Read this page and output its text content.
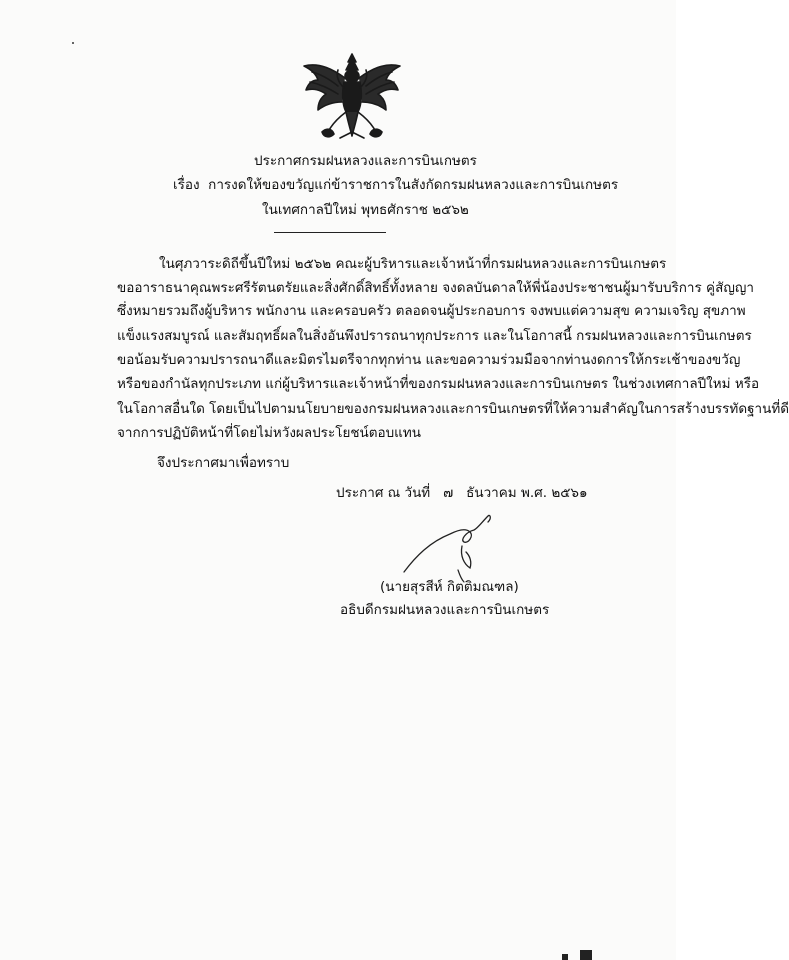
ประกาศกรมฝนหลวงและการบินเกษตร
เรื่อง การงดให้ของขวัญแก่ข้าราชการในสังกัดกรมฝนหลวงและการบินเกษตร
ในเทศกาลปีใหม่ พุทธศักราช ๒๕๖๒
ในศุภวาระดิถีขึ้นปีใหม่ ๒๕๖๒ คณะผู้บริหารและเจ้าหน้าที่กรมฝนหลวงและการบินเกษตร
ขออาราธนาคุณพระศรีรัตนตรัยและสิ่งศักดิ์สิทธิ์ทั้งหลาย จงดลบันดาลให้พี่น้องประชาชนผู้มารับบริการ คู่สัญญา
ซึ่งหมายรวมถึงผู้บริหาร พนักงาน และครอบครัว ตลอดจนผู้ประกอบการ จงพบแต่ความสุข ความเจริญ สุขภาพ
แข็งแรงสมบูรณ์ และสัมฤทธิ์ผลในสิ่งอันพึงปรารถนาทุกประการ และในโอกาสนี้ กรมฝนหลวงและการบินเกษตร
ขอน้อมรับความปรารถนาดีและมิตรไมตรีจากทุกท่าน และขอความร่วมมือจากท่านงดการให้กระเช้าของขวัญ
หรือของกำนัลทุกประเภท แก่ผู้บริหารและเจ้าหน้าที่ของกรมฝนหลวงและการบินเกษตร ในช่วงเทศกาลปีใหม่ หรือ
ในโอกาสอื่นใด โดยเป็นไปตามนโยบายของกรมฝนหลวงและการบินเกษตรที่ให้ความสำคัญในการสร้างบรรทัดฐานที่ดี
จากการปฏิบัติหน้าที่โดยไม่หวังผลประโยชน์ตอบแทน
จึงประกาศมาเพื่อทราบ
ประกาศ ณ วันที่ ๗ ธันวาคม พ.ศ. ๒๕๖๑
(นายสุรสีห์ กิตติมณฑล)
อธิบดีกรมฝนหลวงและการบินเกษตร
